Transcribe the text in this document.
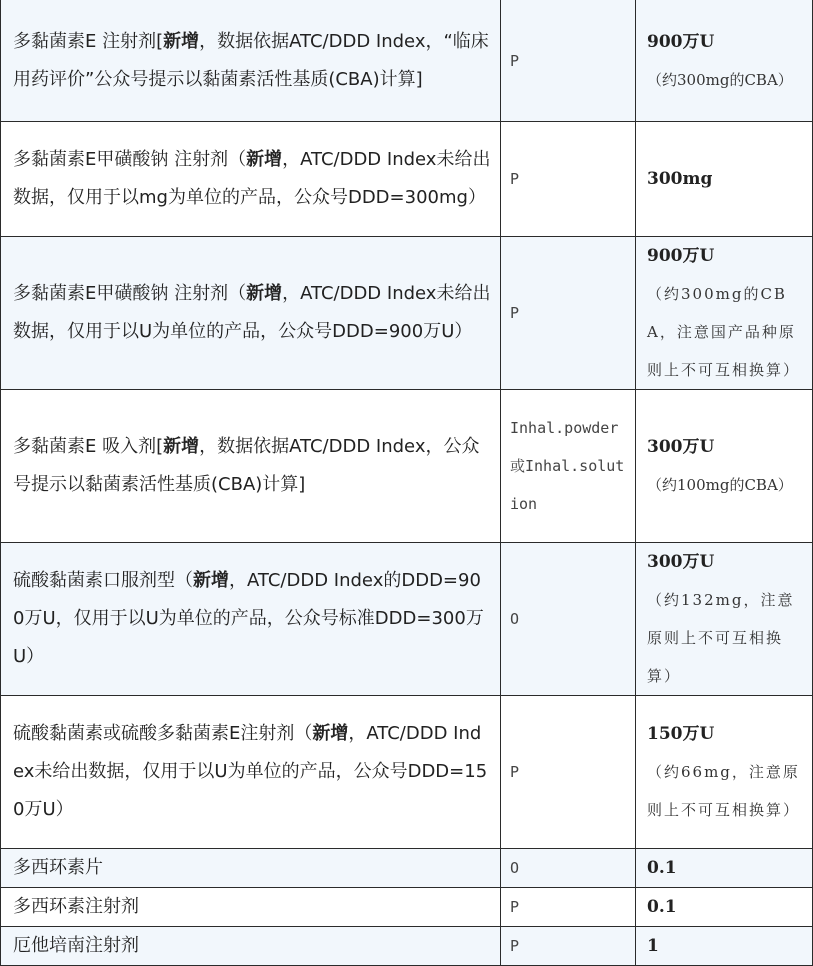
多黏菌素E 注射剂[新增，数据依据ATC/DDD Index，“临床用药评价”公众号提示以黏菌素活性基质(CBA)计算]	P	900万U
（约300mg的CBA）

多黏菌素E甲磺酸钠 注射剂（新增，ATC/DDD Index未给出数据，仅用于以mg为单位的产品，公众号DDD=300mg）	P	300mg

多黏菌素E甲磺酸钠 注射剂（新增，ATC/DDD Index未给出数据，仅用于以U为单位的产品，公众号DDD=900万U）	P	900万U
（约300mg的CBA，注意国产品种原则上不可互相换算）

多黏菌素E 吸入剂[新增，数据依据ATC/DDD Index，公众号提示以黏菌素活性基质(CBA)计算]	Inhal.powder或Inhal.solution	300万U
（约100mg的CBA）

硫酸黏菌素口服剂型（新增，ATC/DDD Index的DDD=900万U，仅用于以U为单位的产品，公众号标准DDD=300万U）	O	300万U
（约132mg，注意原则上不可互相换算）

硫酸黏菌素或硫酸多黏菌素E注射剂（新增，ATC/DDD Index未给出数据，仅用于以U为单位的产品，公众号DDD=150万U）	P	150万U
（约66mg，注意原则上不可互相换算）

多西环素片	O	0.1

多西环素注射剂	P	0.1

厄他培南注射剂	P	1
